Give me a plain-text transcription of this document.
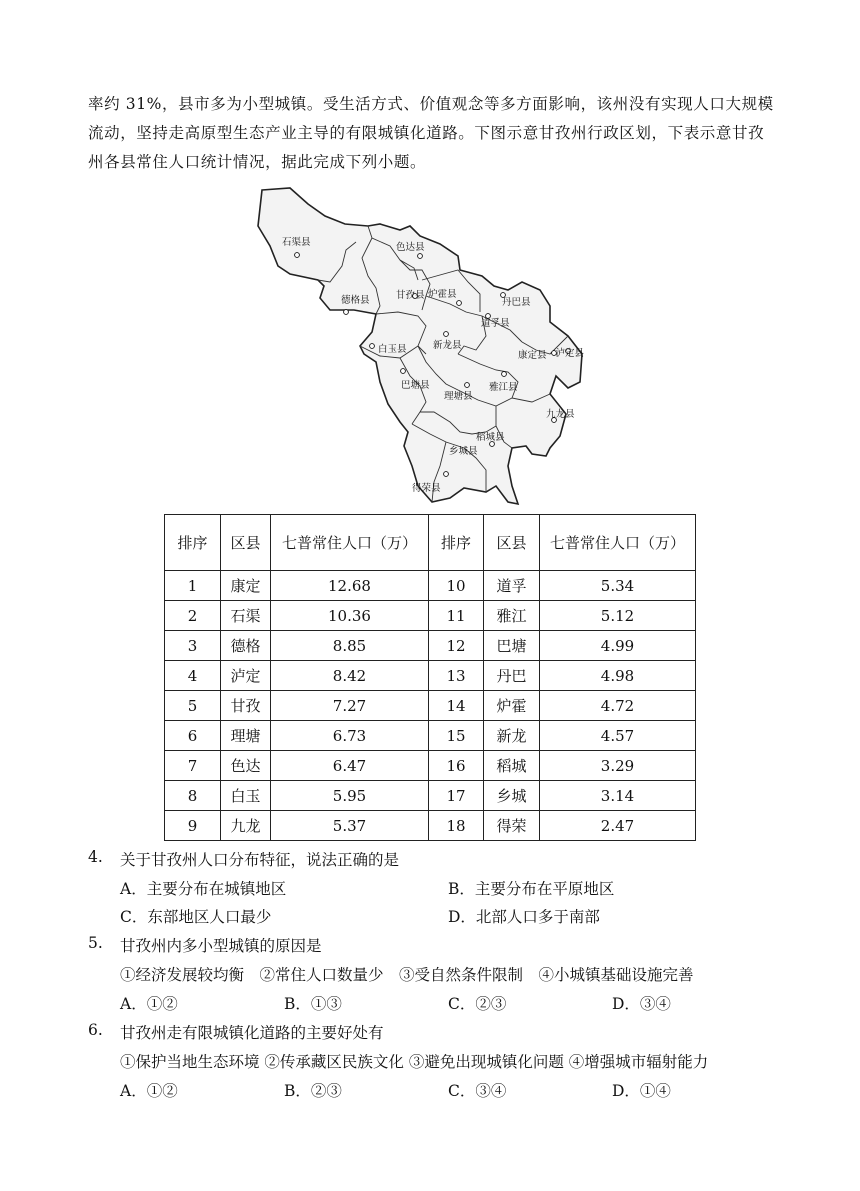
率约 31%，县市多为小型城镇。受生活方式、价值观念等多方面影响，该州没有实现人口大规模

流动，坚持走高原型生态产业主导的有限城镇化道路。下图示意甘孜州行政区划，下表示意甘孜

州各县常住人口统计情况，据此完成下列小题。

石渠县	色达县
德格县	甘孜县 炉霍县
丹巴县
道孚县
白玉县	新龙县
康定县 泸定县
巴塘县
理塘县
雅江县
九龙县
稻城县
乡城县
得荣县
排序	区县	七普常住人口（万）	排序	区县	七普常住人口（万）
1	康定	12.68	10	道孚	5.34
2	石渠	10.36	11	雅江	5.12
3	德格	8.85	12	巴塘	4.99
4	泸定	8.42	13	丹巴	4.98
5	甘孜	7.27	14	炉霍	4.72
6	理塘	6.73	15	新龙	4.57
7	色达	6.47	16	稻城	3.29
8	白玉	5.95	17	乡城	3.14
9	九龙	5.37	18	得荣	2.47
4. 关于甘孜州人口分布特征，说法正确的是
A．主要分布在城镇地区	B．主要分布在平原地区
C．东部地区人口最少	D．北部人口多于南部
5. 甘孜州内多小型城镇的原因是
①经济发展较均衡　②常住人口数量少　③受自然条件限制　④小城镇基础设施完善
A．①②	B．①③	C．②③	D．③④
6. 甘孜州走有限城镇化道路的主要好处有
①保护当地生态环境 ②传承藏区民族文化 ③避免出现城镇化问题 ④增强城市辐射能力
A．①②	B．②③	C．③④	D．①④
